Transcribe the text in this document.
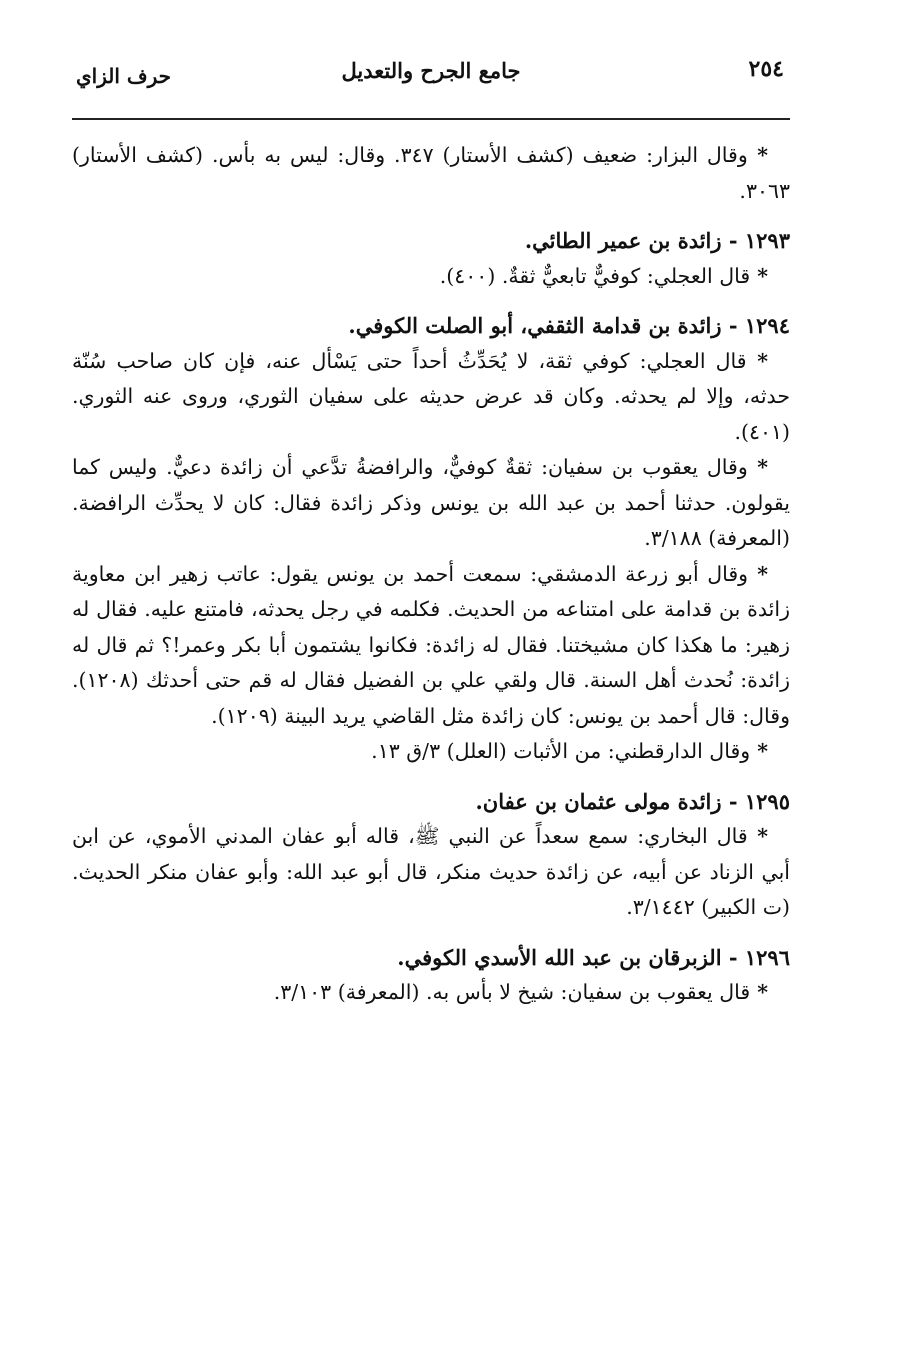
٢٥٤
جامع الجرح والتعديل
حرف الزاي

* وقال البزار: ضعيف (كشف الأستار) ٣٤٧. وقال: ليس به بأس. (كشف الأستار) ٣٠٦٣.

١٢٩٣ - زائدة بن عمير الطائي.

* قال العجلي: كوفيٌّ تابعيٌّ ثقةٌ. (٤٠٠).

١٢٩٤ - زائدة بن قدامة الثقفي، أبو الصلت الكوفي.

* قال العجلي: كوفي ثقة، لا يُحَدِّثُ أحداً حتى يَسْأل عنه، فإن كان صاحب سُنّة حدثه، وإلا لم يحدثه. وكان قد عرض حديثه على سفيان الثوري، وروى عنه الثوري. (٤٠١).

* وقال يعقوب بن سفيان: ثقةٌ كوفيٌّ، والرافضةُ تدَّعي أن زائدة دعيٌّ. وليس كما يقولون. حدثنا أحمد بن عبد الله بن يونس وذكر زائدة فقال: كان لا يحدِّث الرافضة. (المعرفة) ٣/١٨٨.

* وقال أبو زرعة الدمشقي: سمعت أحمد بن يونس يقول: عاتب زهير ابن معاوية زائدة بن قدامة على امتناعه من الحديث. فكلمه في رجل يحدثه، فامتنع عليه. فقال له زهير: ما هكذا كان مشيختنا. فقال له زائدة: فكانوا يشتمون أبا بكر وعمر!؟ ثم قال له زائدة: نُحدث أهل السنة. قال ولقي علي بن الفضيل فقال له قم حتى أحدثك (١٢٠٨). وقال: قال أحمد بن يونس: كان زائدة مثل القاضي يريد البينة (١٢٠٩).

* وقال الدارقطني: من الأثبات (العلل) ٣/ق ١٣.

١٢٩٥ - زائدة مولى عثمان بن عفان.

* قال البخاري: سمع سعداً عن النبي ﷺ، قاله أبو عفان المدني الأموي، عن ابن أبي الزناد عن أبيه، عن زائدة حديث منكر، قال أبو عبد الله: وأبو عفان منكر الحديث. (ت الكبير) ٣/١٤٤٢.

١٢٩٦ - الزبرقان بن عبد الله الأسدي الكوفي.

* قال يعقوب بن سفيان: شيخ لا بأس به. (المعرفة) ٣/١٠٣.
